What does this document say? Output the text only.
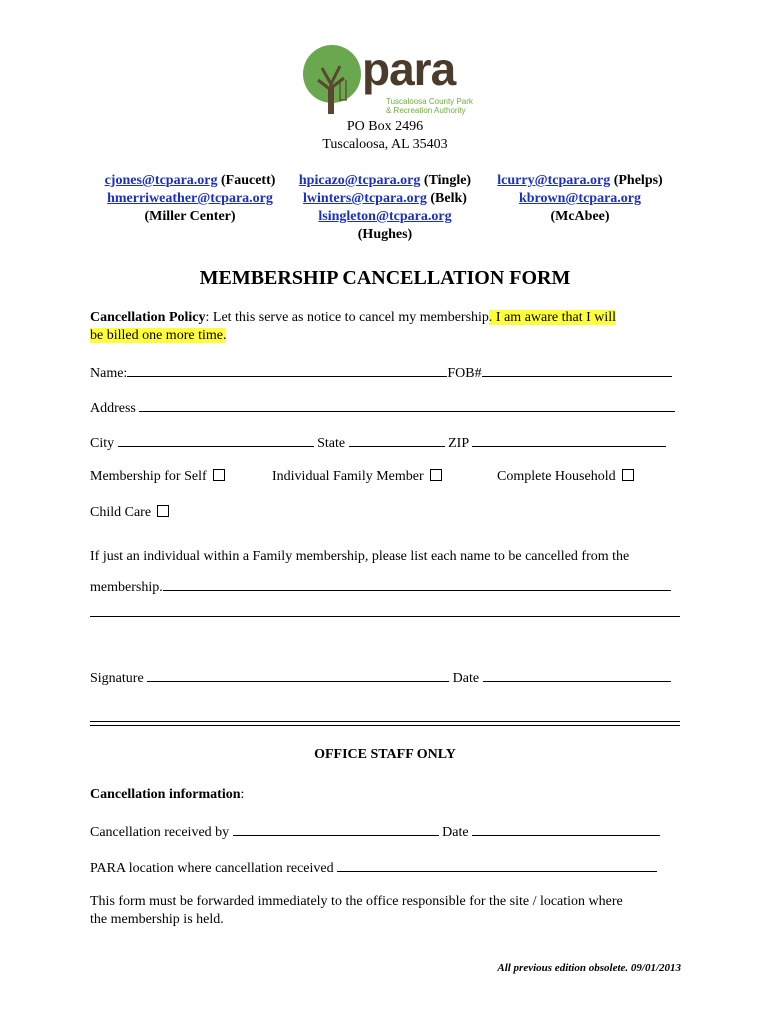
para
Tuscaloosa County Park
& Recreation Authority
PO Box 2496
Tuscaloosa, AL 35403
cjones@tcpara.org (Faucett)
hmerriweather@tcpara.org
(Miller Center)
hpicazo@tcpara.org (Tingle)
lwinters@tcpara.org (Belk)
lsingleton@tcpara.org
(Hughes)
lcurry@tcpara.org (Phelps)
kbrown@tcpara.org
(McAbee)
MEMBERSHIP CANCELLATION FORM
Cancellation Policy: Let this serve as notice to cancel my membership. I am aware that I will
be billed one more time.
Name:	FOB#
Address
City	State	ZIP
Membership for Self	Individual Family Member	Complete Household
Child Care
If just an individual within a Family membership, please list each name to be cancelled from the
membership.
Signature	Date
OFFICE STAFF ONLY
Cancellation information:
Cancellation received by	Date
PARA location where cancellation received
This form must be forwarded immediately to the office responsible for the site / location where
the membership is held.
All previous edition obsolete. 09/01/2013
